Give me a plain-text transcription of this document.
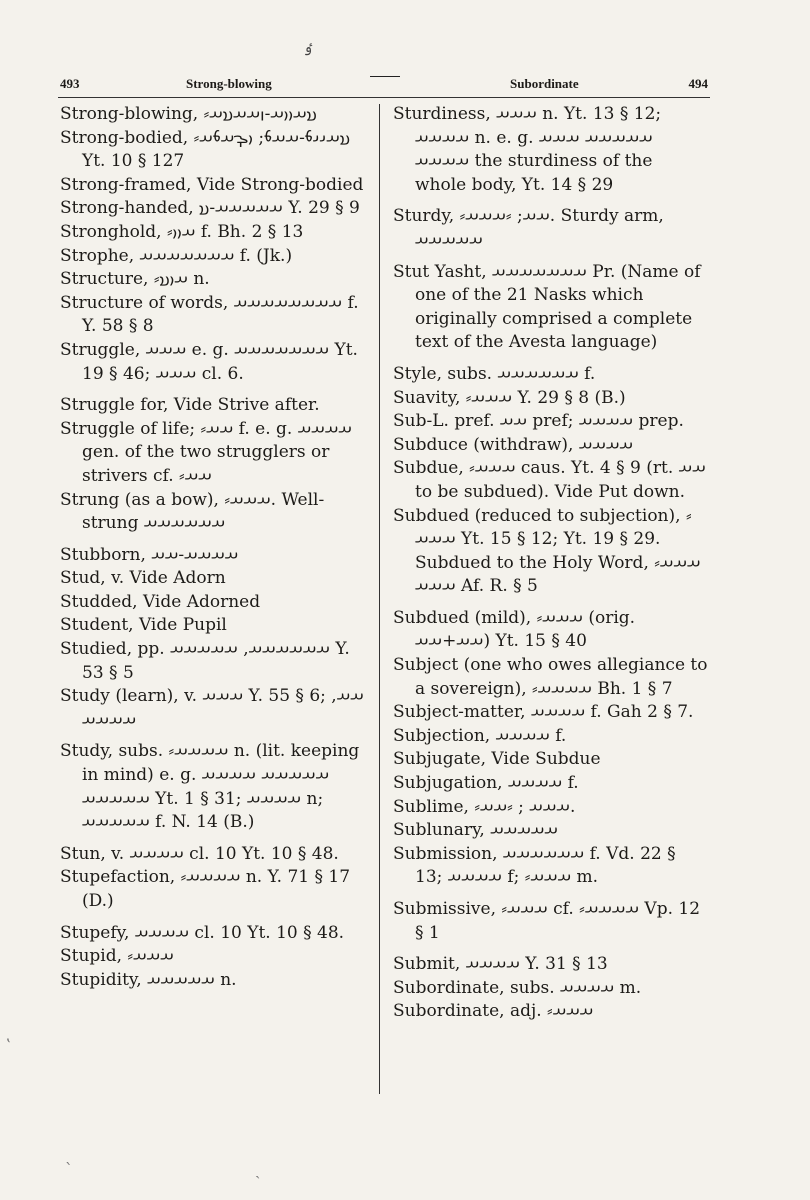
ٶ
493	Strong-blowing	Subordinate	494
Strong-blowing, ⸗𐬯𐬀𐬎𐬎𐬀-𐬥𐬀𐬀𐬯𐬀
Strong-bodied, ⸗𐬯𐬀𐬌𐬌𐬨-𐬀𐬀𐬨; 𐬎𐬋𐬀𐬨𐬀 Yt. 10 § 127
Strong-framed, Vide Strong-bodied
Strong-handed, 𐬀𐬀𐬀𐬀𐬀-𐬯 Y. 29 § 9
Stronghold, ⸗𐬀𐬎𐬎 f. Bh. 2 § 13
Strophe, 𐬀𐬀𐬀𐬀𐬀𐬀𐬀 f. (Jk.)
Structure, ⸗𐬀𐬎𐬯 n.
Structure of words, 𐬀𐬀𐬀𐬀𐬀𐬀𐬀𐬀 f. Y. 58 § 8
Struggle, 𐬀𐬀𐬀 e. g. 𐬀𐬀𐬀𐬀𐬀𐬀𐬀 Yt. 19 § 46; 𐬀𐬀𐬀 cl. 6.
Struggle for, Vide Strive after.
Struggle of life; ⸗𐬀𐬀 f. e. g. 𐬀𐬀𐬀𐬀 gen. of the two strugglers or strivers cf. ⸗𐬀𐬀
Strung (as a bow), ⸗𐬀𐬀𐬀. Well-strung 𐬀𐬀𐬀𐬀𐬀𐬀
Stubborn, 𐬀𐬀𐬀𐬀-𐬀𐬀
Stud, v. Vide Adorn
Studded, Vide Adorned
Student, Vide Pupil
Studied, pp. 𐬀𐬀𐬀𐬀𐬀𐬀, 𐬀𐬀𐬀𐬀𐬀 Y. 53 § 5
Study (learn), v. 𐬀𐬀𐬀 Y. 55 § 6; 𐬀𐬀, 𐬀𐬀𐬀𐬀
Study, subs. ⸗𐬀𐬀𐬀𐬀 n. (lit. keeping in mind) e. g. 𐬀𐬀𐬀𐬀𐬀 𐬀𐬀𐬀𐬀 𐬀𐬀𐬀𐬀𐬀 Yt. 1 § 31; 𐬀𐬀𐬀𐬀 n; 𐬀𐬀𐬀𐬀𐬀 f. N. 14 (B.)
Stun, v. 𐬀𐬀𐬀𐬀 cl. 10 Yt. 10 § 48.
Stupefaction, ⸗𐬀𐬀𐬀𐬀 n. Y. 71 § 17 (D.)
Stupefy, 𐬀𐬀𐬀𐬀 cl. 10 Yt. 10 § 48.
Stupid, ⸗𐬀𐬀𐬀
Stupidity, 𐬀𐬀𐬀𐬀𐬀 n.
Sturdiness, 𐬀𐬀𐬀 n. Yt. 13 § 12; 𐬀𐬀𐬀𐬀 n. e. g. 𐬀𐬀𐬀𐬀𐬀 𐬀𐬀𐬀 𐬀𐬀𐬀𐬀 the sturdiness of the whole body, Yt. 14 § 29
Sturdy, ⸗𐬀𐬀; ⸗𐬀𐬀𐬀. Sturdy arm, 𐬀𐬀𐬀𐬀𐬀
Stut Yasht, 𐬀𐬀𐬀𐬀𐬀𐬀𐬀 Pr. (Name of one of the 21 Nasks which originally comprised a complete text of the Avesta language)
Style, subs. 𐬀𐬀𐬀𐬀𐬀𐬀 f.
Suavity, ⸗𐬀𐬀𐬀 Y. 29 § 8 (B.)
Sub-L. pref. 𐬀𐬀 pref; 𐬀𐬀𐬀𐬀 prep.
Subduce (withdraw), 𐬀𐬀𐬀𐬀
Subdue, ⸗𐬀𐬀𐬀 caus. Yt. 4 § 9 (rt. 𐬀𐬀 to be subdued). Vide Put down.
Subdued (reduced to subjection), ⸗𐬀𐬀𐬀 Yt. 15 § 12; Yt. 19 § 29. Subdued to the Holy Word, ⸗𐬀𐬀𐬀 𐬀𐬀𐬀 Af. R. § 5
Subdued (mild), ⸗𐬀𐬀𐬀 (orig. 𐬀𐬀+𐬀𐬀) Yt. 15 § 40
Subject (one who owes allegiance to a sovereign), ⸗𐬀𐬀𐬀𐬀 Bh. 1 § 7
Subject-matter, 𐬀𐬀𐬀𐬀 f. Gah 2 § 7.
Subjection, 𐬀𐬀𐬀𐬀 f.
Subjugate, Vide Subdue
Subjugation, 𐬀𐬀𐬀𐬀 f.
Sublime, ⸗𐬀𐬀𐬀 ; ⸗𐬀𐬀.
Sublunary, 𐬀𐬀𐬀𐬀𐬀
Submission, 𐬀𐬀𐬀𐬀𐬀𐬀 f. Vd. 22 § 13; 𐬀𐬀𐬀𐬀 f; ⸗𐬀𐬀𐬀 m.
Submissive, ⸗𐬀𐬀𐬀 cf. ⸗𐬀𐬀𐬀𐬀 Vp. 12 § 1
Submit, 𐬀𐬀𐬀𐬀 Y. 31 § 13
Subordinate, subs. 𐬀𐬀𐬀𐬀 m.
Subordinate, adj. ⸗𐬀𐬀𐬀
‛
ˋ	ˏ
